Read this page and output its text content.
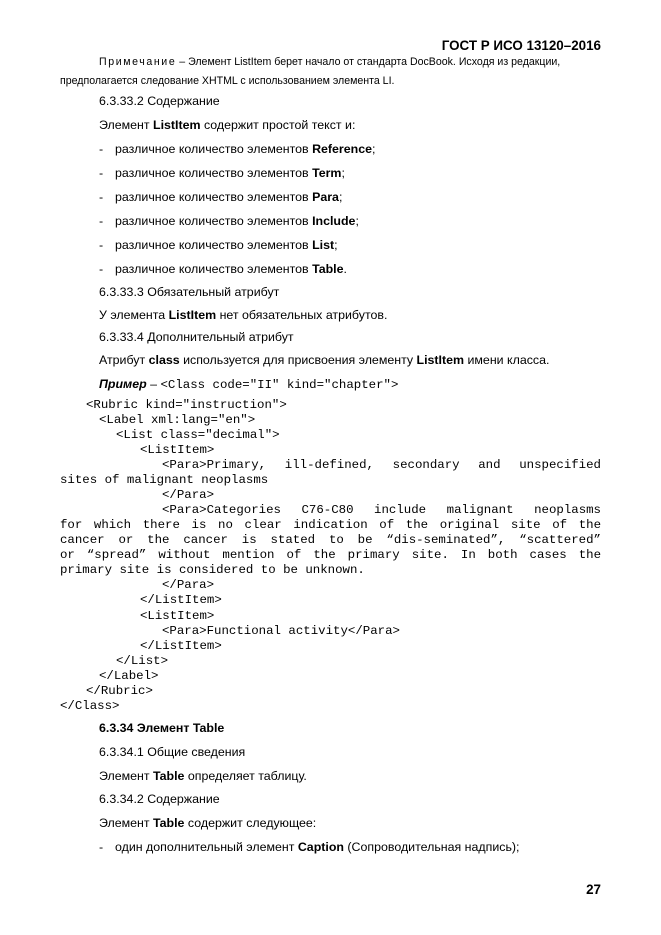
ГОСТ Р ИСО 13120–2016
Примечание – Элемент ListItem берет начало от стандарта DocBook. Исходя из редакции,
предполагается следование XHTML с использованием элемента LI.
6.3.33.2 Содержание
Элемент ListItem содержит простой текст и:
- различное количество элементов Reference;
- различное количество элементов Term;
- различное количество элементов Para;
- различное количество элементов Include;
- различное количество элементов List;
- различное количество элементов Table.
6.3.33.3 Обязательный атрибут
У элемента ListItem нет обязательных атрибутов.
6.3.33.4 Дополнительный атрибут
Атрибут class используется для присвоения элементу ListItem имени класса.
Пример – <Class code="II" kind="chapter">
<Rubric kind="instruction">
<Label xml:lang="en">
<List class="decimal">
<ListItem>
<Para>Primary, ill-defined, secondary and unspecified
sites of malignant neoplasms
</Para>
<Para>Categories C76-C80 include malignant neoplasms
for which there is no clear indication of the original site of the
cancer or the cancer is stated to be “dis-seminated”, “scattered”
or “spread” without mention of the primary site. In both cases the
primary site is considered to be unknown.
</Para>
</ListItem>
<ListItem>
<Para>Functional activity</Para>
</ListItem>
</List>
</Label>
</Rubric>
</Class>
6.3.34 Элемент Table
6.3.34.1 Общие сведения
Элемент Table определяет таблицу.
6.3.34.2 Содержание
Элемент Table содержит следующее:
- один дополнительный элемент Caption (Сопроводительная надпись);
27
